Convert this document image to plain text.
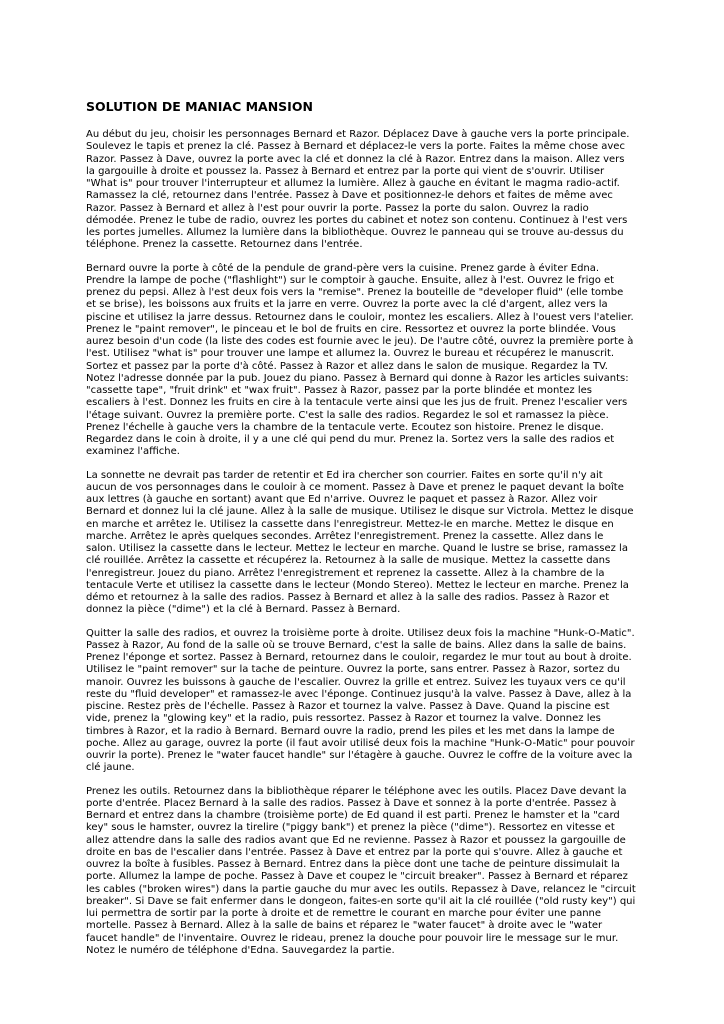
SOLUTION DE MANIAC MANSION

Au début du jeu, choisir les personnages Bernard et Razor. Déplacez Dave à gauche vers la porte principale. Soulevez le tapis et prenez la clé. Passez à Bernard et déplacez-le vers la porte. Faites la même chose avec Razor. Passez à Dave, ouvrez la porte avec la clé et donnez la clé à Razor. Entrez dans la maison. Allez vers la gargouille à droite et poussez la. Passez à Bernard et entrez par la porte qui vient de s'ouvrir. Utiliser "What is" pour trouver l'interrupteur et allumez la lumière. Allez à gauche en évitant le magma radio-actif. Ramassez la clé, retournez dans l'entrée. Passez à Dave et positionnez-le dehors et faites de même avec Razor. Passez à Bernard et allez à l'est pour ouvrir la porte. Passez la porte du salon. Ouvrez la radio démodée. Prenez le tube de radio, ouvrez les portes du cabinet et notez son contenu. Continuez à l'est vers les portes jumelles. Allumez la lumière dans la bibliothèque. Ouvrez le panneau qui se trouve au-dessus du téléphone. Prenez la cassette. Retournez dans l'entrée.

Bernard ouvre la porte à côté de la pendule de grand-père vers la cuisine. Prenez garde à éviter Edna. Prendre la lampe de poche ("flashlight") sur le comptoir à gauche. Ensuite, allez à l'est. Ouvrez le frigo et prenez du pepsi. Allez à l'est deux fois vers la "remise". Prenez la bouteille de "developer fluid" (elle tombe et se brise), les boissons aux fruits et la jarre en verre. Ouvrez la porte avec la clé d'argent, allez vers la piscine et utilisez la jarre dessus. Retournez dans le couloir, montez les escaliers. Allez à l'ouest vers l'atelier. Prenez le "paint remover", le pinceau et le bol de fruits en cire. Ressortez et ouvrez la porte blindée. Vous aurez besoin d'un code (la liste des codes est fournie avec le jeu). De l'autre côté, ouvrez la première porte à l'est. Utilisez "what is" pour trouver une lampe et allumez la. Ouvrez le bureau et récupérez le manuscrit. Sortez et passez par la porte d'à côté. Passez à Razor et allez dans le salon de musique. Regardez la TV. Notez l'adresse donnée par la pub. Jouez du piano. Passez à Bernard qui donne à Razor les articles suivants: "cassette tape", "fruit drink" et "wax fruit". Passez à Razor, passez par la porte blindée et montez les escaliers à l'est. Donnez les fruits en cire à la tentacule verte ainsi que les jus de fruit. Prenez l'escalier vers l'étage suivant. Ouvrez la première porte. C'est la salle des radios. Regardez le sol et ramassez la pièce. Prenez l'échelle à gauche vers la chambre de la tentacule verte. Ecoutez son histoire. Prenez le disque. Regardez dans le coin à droite, il y a une clé qui pend du mur. Prenez la. Sortez vers la salle des radios et examinez l'affiche.

La sonnette ne devrait pas tarder de retentir et Ed ira chercher son courrier. Faites en sorte qu'il n'y ait aucun de vos personnages dans le couloir à ce moment. Passez à Dave et prenez le paquet devant la boîte aux lettres (à gauche en sortant) avant que Ed n'arrive. Ouvrez le paquet et passez à Razor. Allez voir Bernard et donnez lui la clé jaune. Allez à la salle de musique. Utilisez le disque sur Victrola. Mettez le disque en marche et arrêtez le. Utilisez la cassette dans l'enregistreur. Mettez-le en marche. Mettez le disque en marche. Arrêtez le après quelques secondes. Arrêtez l'enregistrement. Prenez la cassette. Allez dans le salon. Utilisez la cassette dans le lecteur. Mettez le lecteur en marche. Quand le lustre se brise, ramassez la clé rouillée. Arrêtez la cassette et récupérez la. Retournez à la salle de musique. Mettez la cassette dans l'enregistreur. Jouez du piano. Arrêtez l'enregistrement et reprenez la cassette. Allez à la chambre de la tentacule Verte et utilisez la cassette dans le lecteur (Mondo Stereo). Mettez le lecteur en marche. Prenez la démo et retournez à la salle des radios. Passez à Bernard et allez à la salle des radios. Passez à Razor et donnez la pièce ("dime") et la clé à Bernard. Passez à Bernard.

Quitter la salle des radios, et ouvrez la troisième porte à droite. Utilisez deux fois la machine "Hunk-O-Matic". Passez à Razor, Au fond de la salle où se trouve Bernard, c'est la salle de bains. Allez dans la salle de bains. Prenez l'éponge et sortez. Passez à Bernard, retournez dans le couloir, regardez le mur tout au bout à droite. Utilisez le "paint remover" sur la tache de peinture. Ouvrez la porte, sans entrer. Passez à Razor, sortez du manoir. Ouvrez les buissons à gauche de l'escalier. Ouvrez la grille et entrez. Suivez les tuyaux vers ce qu'il reste du "fluid developer" et ramassez-le avec l'éponge. Continuez jusqu'à la valve. Passez à Dave, allez à la piscine. Restez près de l'échelle. Passez à Razor et tournez la valve. Passez à Dave. Quand la piscine est vide, prenez la "glowing key" et la radio, puis ressortez. Passez à Razor et tournez la valve. Donnez les timbres à Razor, et la radio à Bernard. Bernard ouvre la radio, prend les piles et les met dans la lampe de poche. Allez au garage, ouvrez la porte (il faut avoir utilisé deux fois la machine "Hunk-O-Matic" pour pouvoir ouvrir la porte). Prenez le "water faucet handle" sur l'étagère à gauche. Ouvrez le coffre de la voiture avec la clé jaune.

Prenez les outils. Retournez dans la bibliothèque réparer le téléphone avec les outils. Placez Dave devant la porte d'entrée. Placez Bernard à la salle des radios. Passez à Dave et sonnez à la porte d'entrée. Passez à Bernard et entrez dans la chambre (troisième porte) de Ed quand il est parti. Prenez le hamster et la "card key" sous le hamster, ouvrez la tirelire ("piggy bank") et prenez la pièce ("dime"). Ressortez en vitesse et allez attendre dans la salle des radios avant que Ed ne revienne. Passez à Razor et poussez la gargouille de droite en bas de l'escalier dans l'entrée. Passez à Dave et entrez par la porte qui s'ouvre. Allez à gauche et ouvrez la boîte à fusibles. Passez à Bernard. Entrez dans la pièce dont une tache de peinture dissimulait la porte. Allumez la lampe de poche. Passez à Dave et coupez le "circuit breaker". Passez à Bernard et réparez les cables ("broken wires") dans la partie gauche du mur avec les outils. Repassez à Dave, relancez le "circuit breaker". Si Dave se fait enfermer dans le dongeon, faites-en sorte qu'il ait la clé rouillée ("old rusty key") qui lui permettra de sortir par la porte à droite et de remettre le courant en marche pour éviter une panne mortelle. Passez à Bernard. Allez à la salle de bains et réparez le "water faucet" à droite avec le "water faucet handle" de l'inventaire. Ouvrez le rideau, prenez la douche pour pouvoir lire le message sur le mur. Notez le numéro de téléphone d'Edna. Sauvegardez la partie.
